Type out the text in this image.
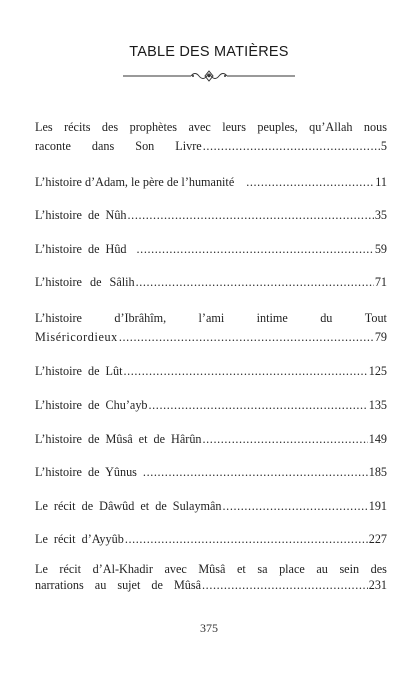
TABLE DES MATIÈRES
Les récits des prophètes avec leurs peuples, qu’Allah nous
raconte dans Son Livre .....	5
L’histoire d’Adam, le père de l’humanité .....	11
L’histoire de Nûh .....	35
L’histoire de Hûd .....	59
L’histoire de Sâlih .....	71
L’histoire	d’Ibrâhîm,	l’ami	intime	du	Tout
Miséricordieux .....	79
L’histoire de Lût .....	125
L’histoire de Chu’ayb .....	135
L’histoire de Mûsâ et de Hârûn .....	149
L’histoire de Yûnus .....	185
Le récit de Dâwûd et de Sulaymân .....	191
Le récit d’Ayyûb .....	227
Le récit d’Al-Khadir avec Mûsâ et sa place au sein des
narrations au sujet de Mûsâ .....	231
375
